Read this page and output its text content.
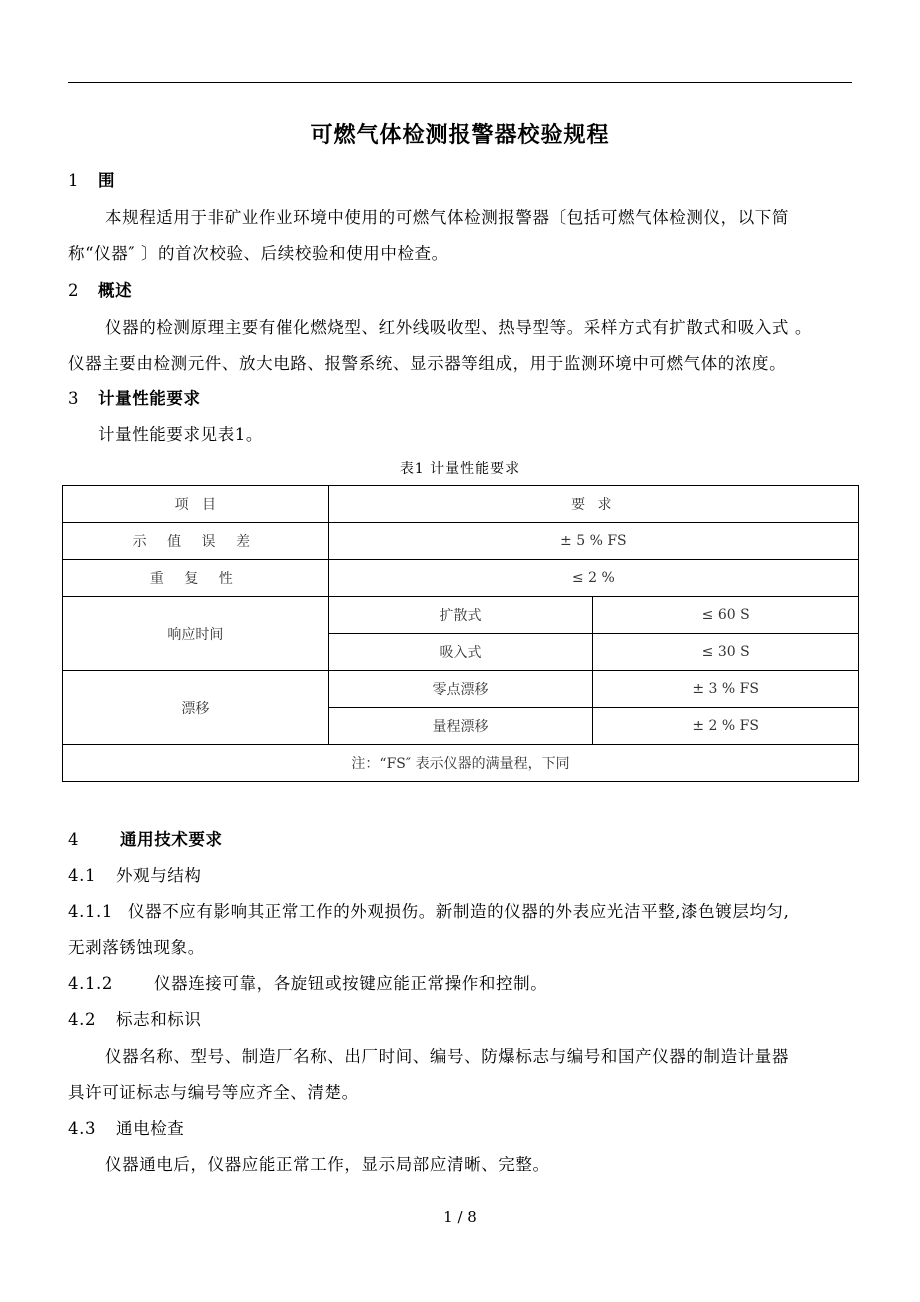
可燃气体检测报警器校验规程
1 围
本规程适用于非矿业作业环境中使用的可燃气体检测报警器〔包括可燃气体检测仪，以下简
称“仪器″ 〕的首次校验、后续校验和使用中检查。
2 概述
仪器的检测原理主要有催化燃烧型、红外线吸收型、热导型等。采样方式有扩散式和吸入式 。
仪器主要由检测元件、放大电路、报警系统、显示器等组成，用于监测环境中可燃气体的浓度。
3 计量性能要求
计量性能要求见表1。
表1 计量性能要求
项   目	要 求	
示 值 误 差	± 5 % FS	
重 复 性	≤ 2 %	
响应时间	扩散式	≤ 60 S
	吸入式	≤ 30 S
漂移	零点漂移	± 3 % FS
	量程漂移	± 2 % FS
注：“FS″ 表示仪器的满量程，下同		
4 通用技术要求
4.1 外观与结构
4.1.1 仪器不应有影响其正常工作的外观损伤。新制造的仪器的外表应光洁平整,漆色镀层均匀,
无剥落锈蚀现象。
4.1.2 仪器连接可靠，各旋钮或按键应能正常操作和控制。
4.2 标志和标识
仪器名称、型号、制造厂名称、出厂时间、编号、防爆标志与编号和国产仪器的制造计量器
具许可证标志与编号等应齐全、清楚。
4.3 通电检查
仪器通电后，仪器应能正常工作，显示局部应清晰、完整。
1 / 8
